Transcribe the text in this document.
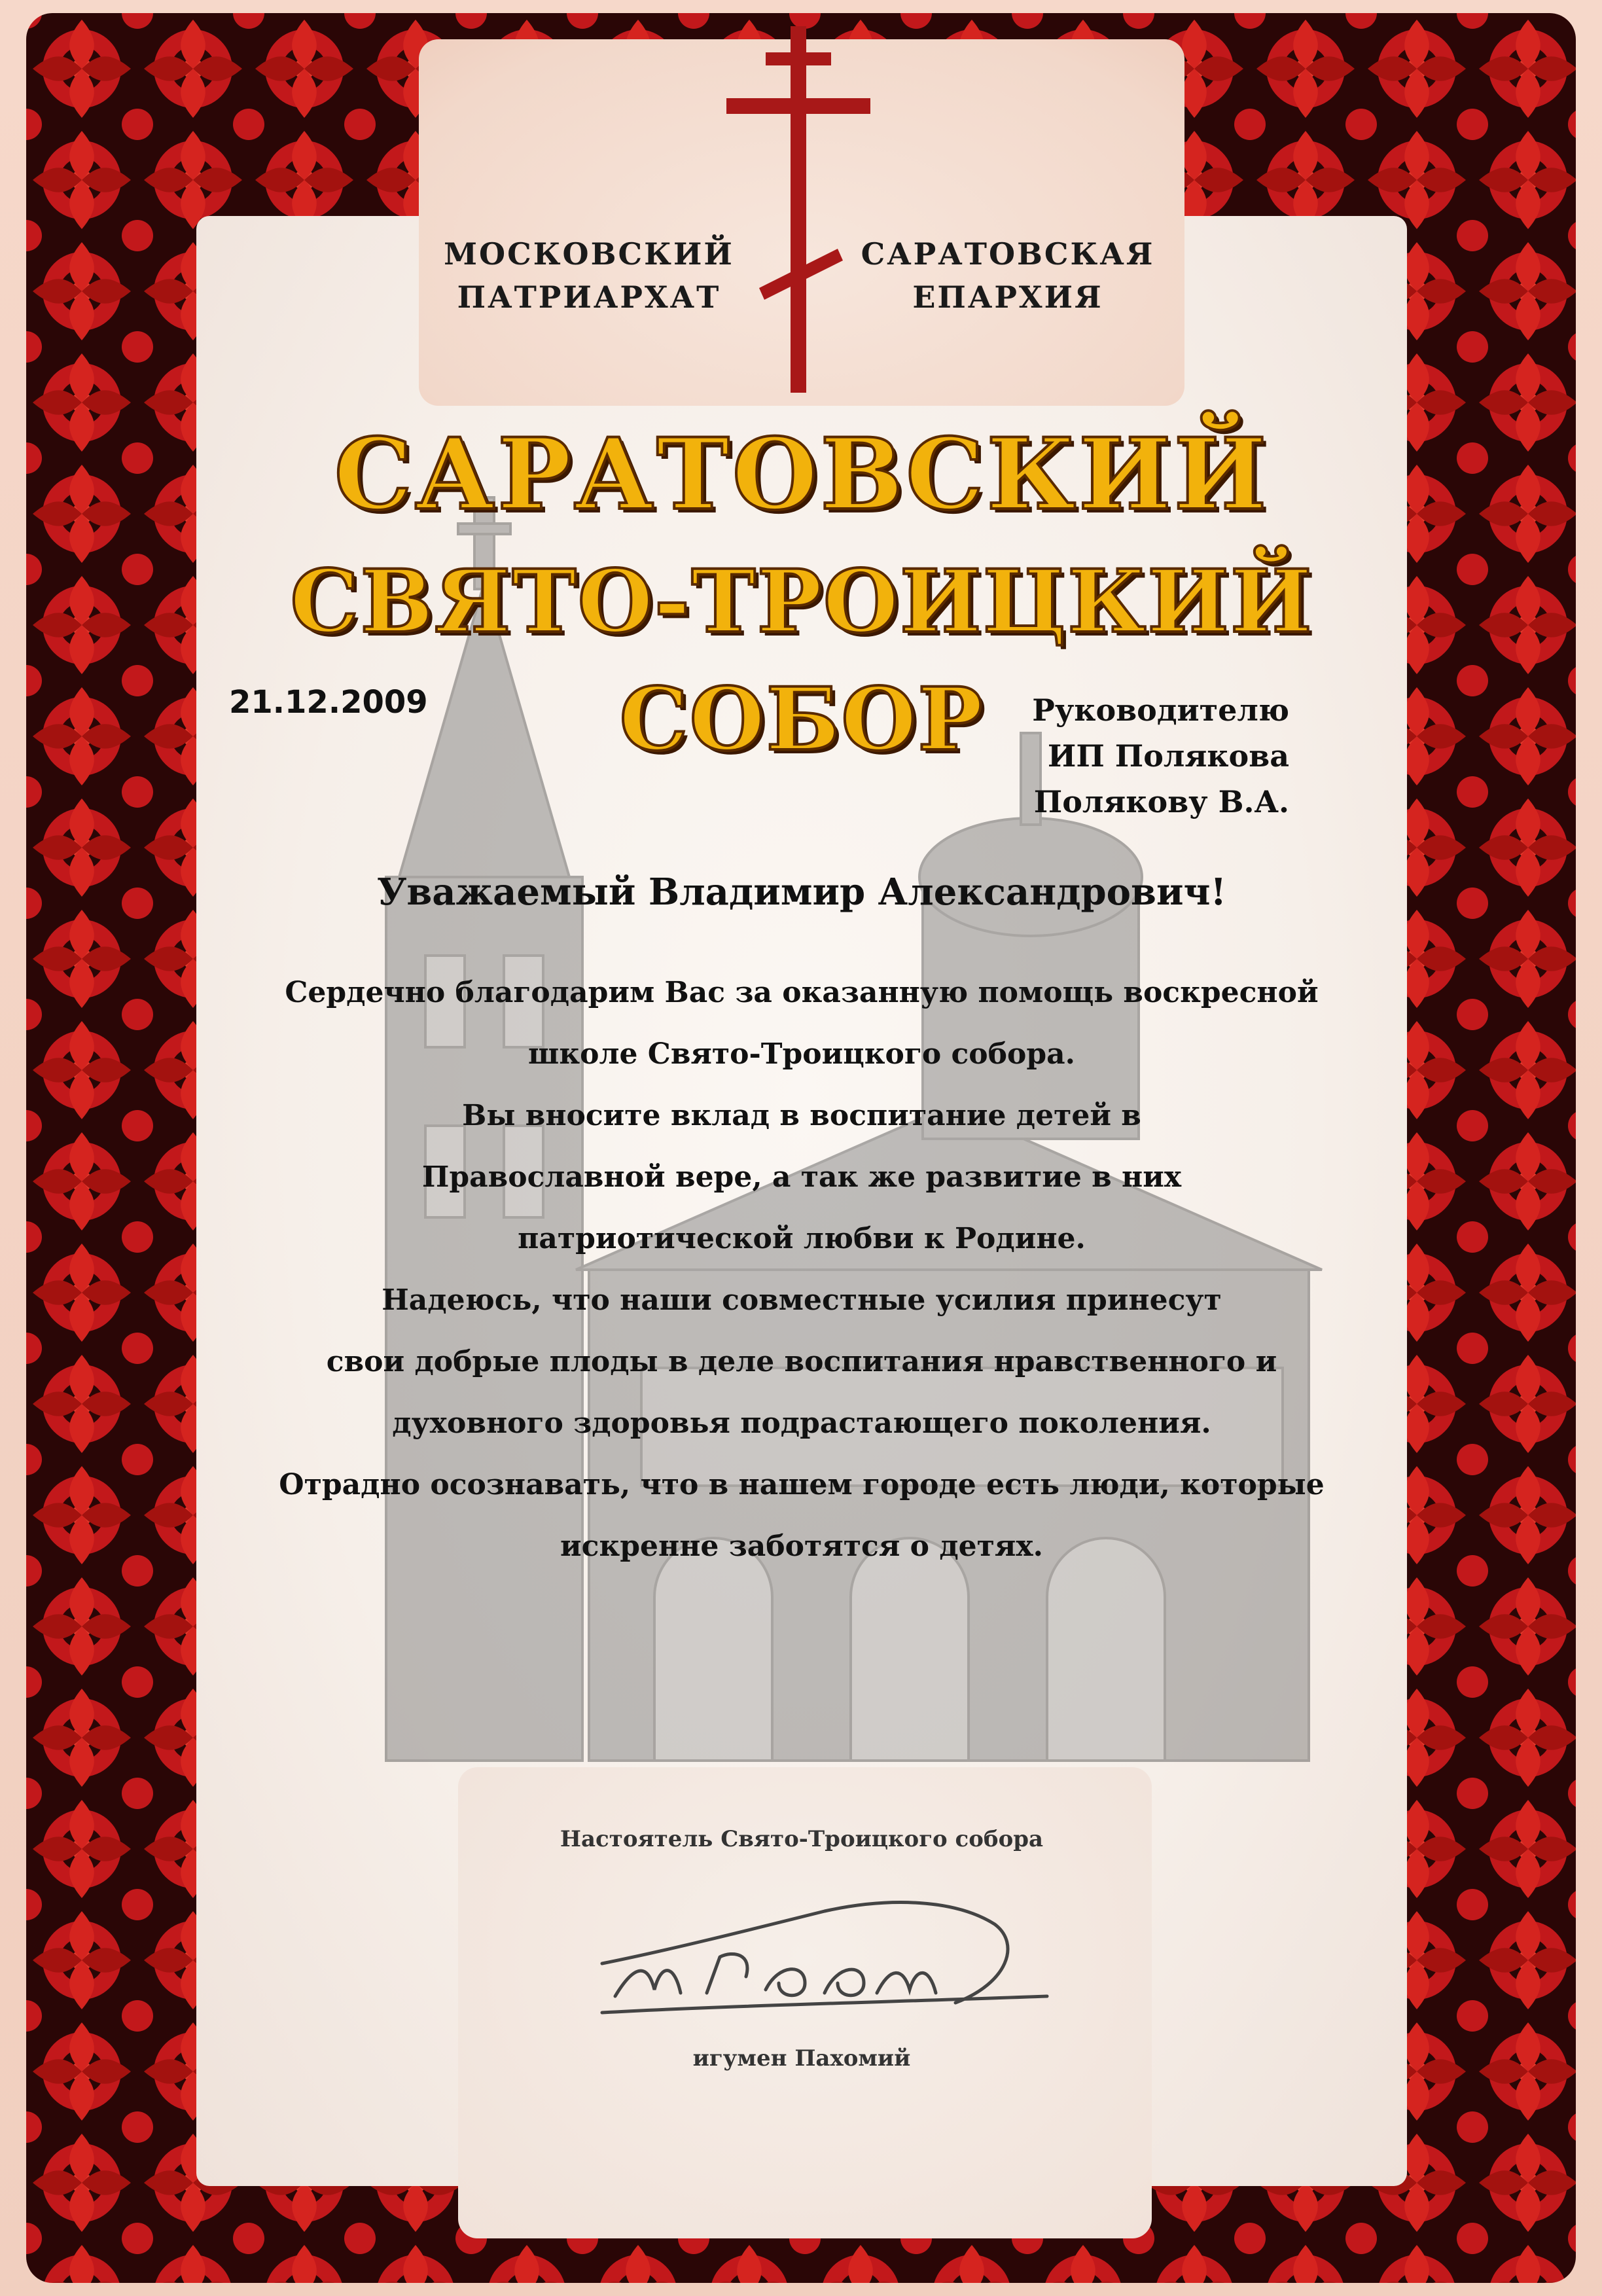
МОСКОВСКИЙ
ПАТРИАРХАТ
САРАТОВСКАЯ
ЕПАРХИЯ
САРАТОВСКИЙ
СВЯТО-ТРОИЦКИЙ СОБОР
21.12.2009	Руководителю
ИП Полякова
Полякову В.А.
Уважаемый Владимир Александрович!

Сердечно благодарим Вас за оказанную помощь воскресной

школе Свято-Троицкого собора.

Вы вносите вклад в воспитание детей в

Православной вере, а так же развитие в них

патриотической любви к Родине.

Надеюсь, что наши совместные усилия принесут

свои добрые плоды в деле воспитания нравственного и

духовного здоровья подрастающего поколения.

Отрадно осознавать, что в нашем городе есть люди, которые

искренне заботятся о детях.

Настоятель Свято-Троицкого собора
игумен Пахомий
